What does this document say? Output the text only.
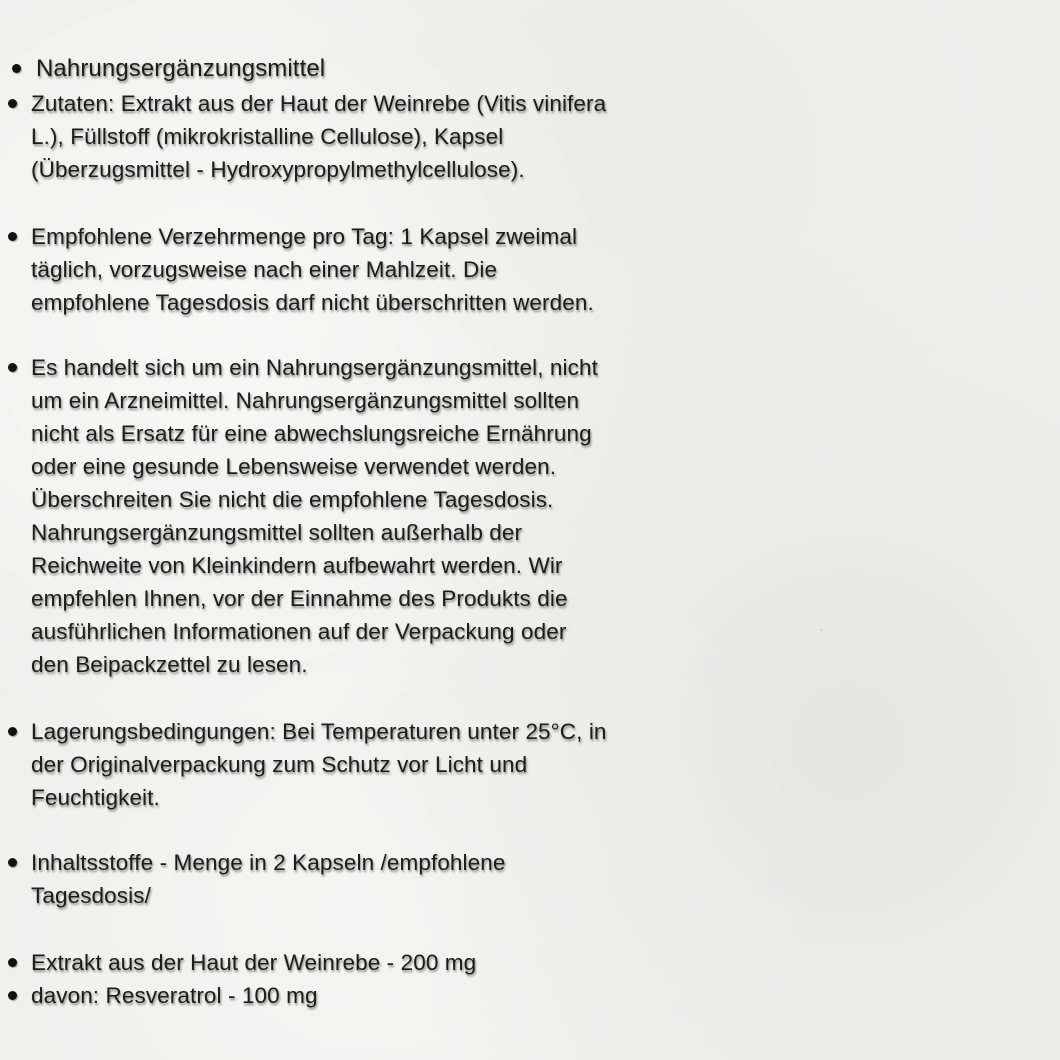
Nahrungsergänzungsmittel
Zutaten: Extrakt aus der Haut der Weinrebe (Vitis vinifera
L.), Füllstoff (mikrokristalline Cellulose), Kapsel
(Überzugsmittel - Hydroxypropylmethylcellulose).
Empfohlene Verzehrmenge pro Tag: 1 Kapsel zweimal
täglich, vorzugsweise nach einer Mahlzeit. Die
empfohlene Tagesdosis darf nicht überschritten werden.
Es handelt sich um ein Nahrungsergänzungsmittel, nicht
um ein Arzneimittel. Nahrungsergänzungsmittel sollten
nicht als Ersatz für eine abwechslungsreiche Ernährung
oder eine gesunde Lebensweise verwendet werden.
Überschreiten Sie nicht die empfohlene Tagesdosis.
Nahrungsergänzungsmittel sollten außerhalb der
Reichweite von Kleinkindern aufbewahrt werden. Wir
empfehlen Ihnen, vor der Einnahme des Produkts die
ausführlichen Informationen auf der Verpackung oder
den Beipackzettel zu lesen.
Lagerungsbedingungen: Bei Temperaturen unter 25°C, in
der Originalverpackung zum Schutz vor Licht und
Feuchtigkeit.
Inhaltsstoffe - Menge in 2 Kapseln /empfohlene
Tagesdosis/
Extrakt aus der Haut der Weinrebe - 200 mg
davon: Resveratrol - 100 mg
ˈ
